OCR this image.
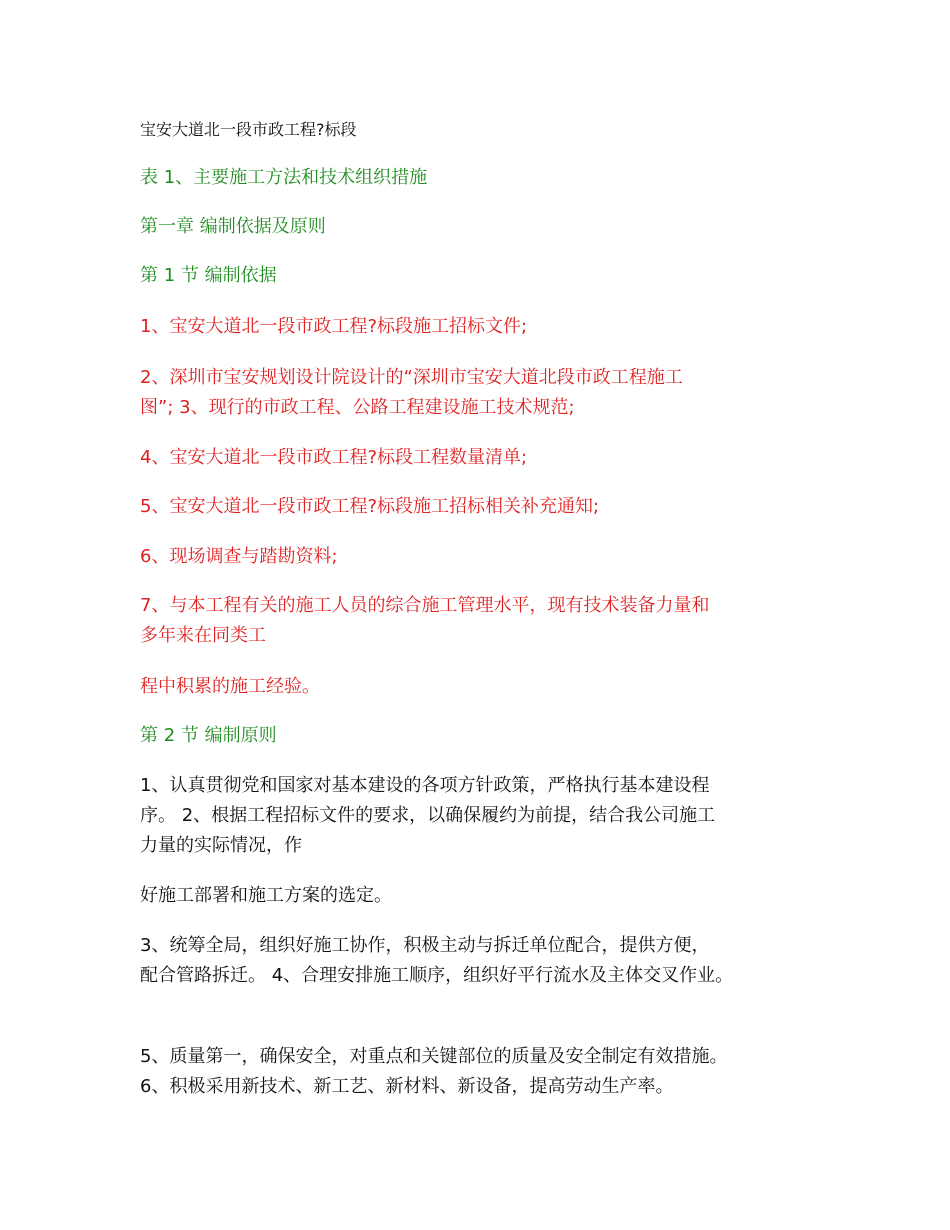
宝安大道北一段市政工程?标段
表 1、主要施工方法和技术组织措施
第一章 编制依据及原则
第 1 节 编制依据
1、宝安大道北一段市政工程?标段施工招标文件;
2、深圳市宝安规划设计院设计的“深圳市宝安大道北段市政工程施工
图”; 3、现行的市政工程、公路工程建设施工技术规范;
4、宝安大道北一段市政工程?标段工程数量清单;
5、宝安大道北一段市政工程?标段施工招标相关补充通知;
6、现场调查与踏勘资料;
7、与本工程有关的施工人员的综合施工管理水平，现有技术装备力量和
多年来在同类工
程中积累的施工经验。
第 2 节 编制原则
1、认真贯彻党和国家对基本建设的各项方针政策，严格执行基本建设程
序。 2、根据工程招标文件的要求，以确保履约为前提，结合我公司施工
力量的实际情况，作
好施工部署和施工方案的选定。
3、统筹全局，组织好施工协作，积极主动与拆迁单位配合，提供方便，
配合管路拆迁。 4、合理安排施工顺序，组织好平行流水及主体交叉作业。
5、质量第一，确保安全，对重点和关键部位的质量及安全制定有效措施。
6、积极采用新技术、新工艺、新材料、新设备，提高劳动生产率。
